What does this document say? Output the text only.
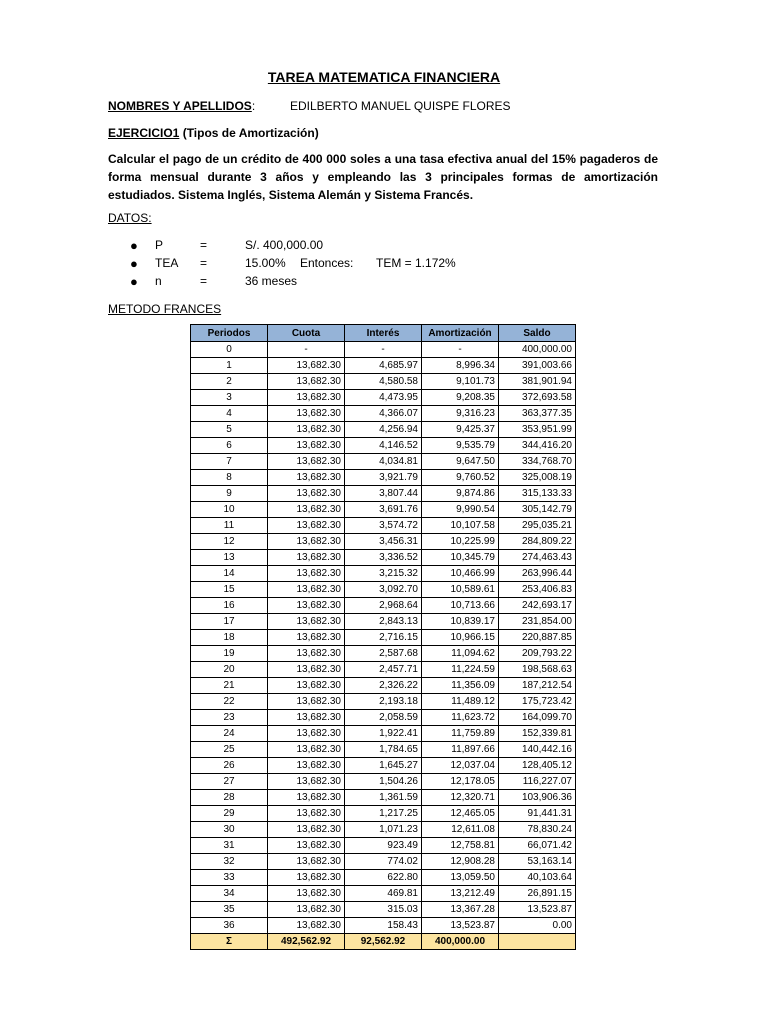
TAREA MATEMATICA FINANCIERA
NOMBRES Y APELLIDOS:	EDILBERTO MANUEL QUISPE FLORES
EJERCICIO1 (Tipos de Amortización)
Calcular el pago de un crédito de 400 000 soles a una tasa efectiva anual del 15% pagaderos de forma mensual durante 3 años y empleando las 3 principales formas de amortización estudiados. Sistema Inglés, Sistema Alemán y Sistema Francés.
DATOS:
● P	=	S/. 400,000.00
● TEA =	15.00% Entonces: TEM = 1.172%
● n	=	36 meses
METODO FRANCES
Periodos	Cuota	Interés	Amortización	Saldo
0	-	-	-	400,000.00
1	13,682.30	4,685.97	8,996.34	391,003.66
2	13,682.30	4,580.58	9,101.73	381,901.94
3	13,682.30	4,473.95	9,208.35	372,693.58
4	13,682.30	4,366.07	9,316.23	363,377.35
5	13,682.30	4,256.94	9,425.37	353,951.99
6	13,682.30	4,146.52	9,535.79	344,416.20
7	13,682.30	4,034.81	9,647.50	334,768.70
8	13,682.30	3,921.79	9,760.52	325,008.19
9	13,682.30	3,807.44	9,874.86	315,133.33
10	13,682.30	3,691.76	9,990.54	305,142.79
11	13,682.30	3,574.72	10,107.58	295,035.21
12	13,682.30	3,456.31	10,225.99	284,809.22
13	13,682.30	3,336.52	10,345.79	274,463.43
14	13,682.30	3,215.32	10,466.99	263,996.44
15	13,682.30	3,092.70	10,589.61	253,406.83
16	13,682.30	2,968.64	10,713.66	242,693.17
17	13,682.30	2,843.13	10,839.17	231,854.00
18	13,682.30	2,716.15	10,966.15	220,887.85
19	13,682.30	2,587.68	11,094.62	209,793.22
20	13,682.30	2,457.71	11,224.59	198,568.63
21	13,682.30	2,326.22	11,356.09	187,212.54
22	13,682.30	2,193.18	11,489.12	175,723.42
23	13,682.30	2,058.59	11,623.72	164,099.70
24	13,682.30	1,922.41	11,759.89	152,339.81
25	13,682.30	1,784.65	11,897.66	140,442.16
26	13,682.30	1,645.27	12,037.04	128,405.12
27	13,682.30	1,504.26	12,178.05	116,227.07
28	13,682.30	1,361.59	12,320.71	103,906.36
29	13,682.30	1,217.25	12,465.05	91,441.31
30	13,682.30	1,071.23	12,611.08	78,830.24
31	13,682.30	923.49	12,758.81	66,071.42
32	13,682.30	774.02	12,908.28	53,163.14
33	13,682.30	622.80	13,059.50	40,103.64
34	13,682.30	469.81	13,212.49	26,891.15
35	13,682.30	315.03	13,367.28	13,523.87
36	13,682.30	158.43	13,523.87	0.00
Σ	492,562.92	92,562.92	400,000.00	
